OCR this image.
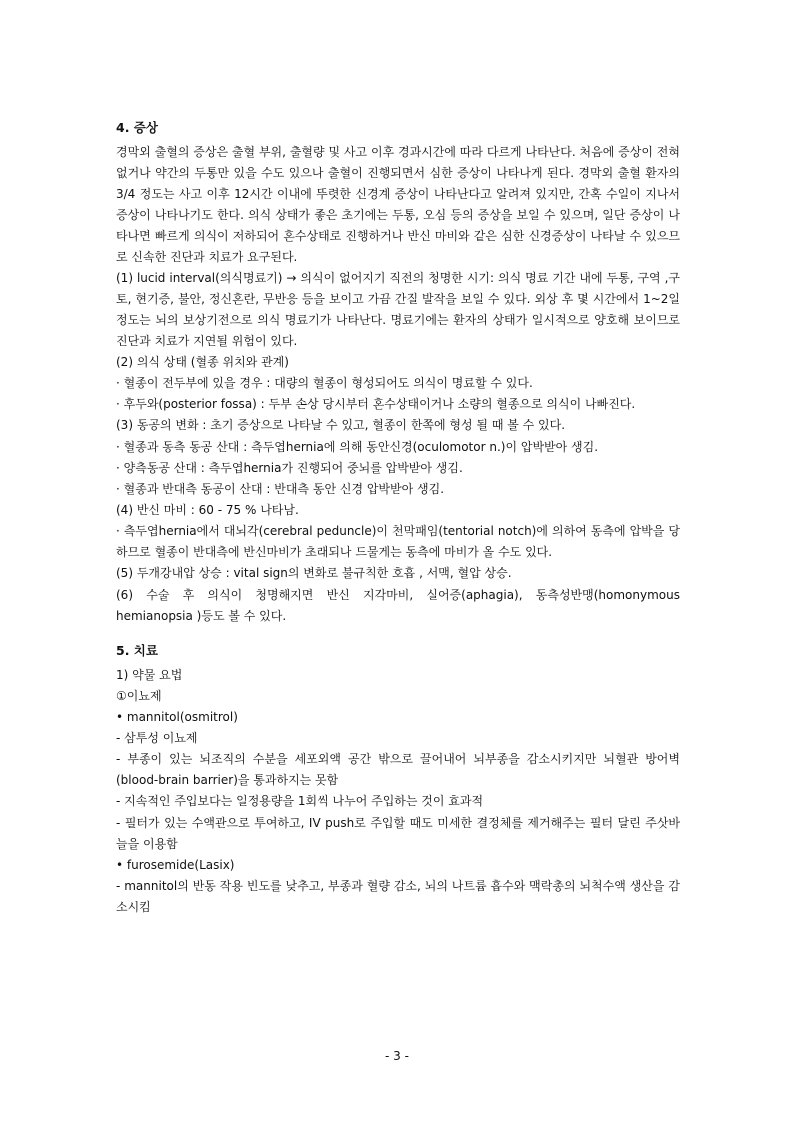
4. 증상

경막외 출혈의 증상은 출혈 부위, 출혈량 및 사고 이후 경과시간에 따라 다르게 나타난다. 처음에 증상이 전혀 없거나 약간의 두통만 있을 수도 있으나 출혈이 진행되면서 심한 증상이 나타나게 된다. 경막외 출혈 환자의 3/4 정도는 사고 이후 12시간 이내에 뚜렷한 신경계 증상이 나타난다고 알려져 있지만, 간혹 수일이 지나서 증상이 나타나기도 한다. 의식 상태가 좋은 초기에는 두통, 오심 등의 증상을 보일 수 있으며, 일단 증상이 나타나면 빠르게 의식이 저하되어 혼수상태로 진행하거나 반신 마비와 같은 심한 신경증상이 나타날 수 있으므로 신속한 진단과 치료가 요구된다.

(1) lucid interval(의식명료기) → 의식이 없어지기 직전의 청명한 시기: 의식 명료 기간 내에 두통, 구역 ,구토, 현기증, 불안, 정신혼란, 무반응 등을 보이고 가끔 간질 발작을 보일 수 있다. 외상 후 몇 시간에서 1~2일 정도는 뇌의 보상기전으로 의식 명료기가 나타난다. 명료기에는 환자의 상태가 일시적으로 양호해 보이므로 진단과 치료가 지연될 위험이 있다.

(2) 의식 상태 (혈종 위치와 관계)

· 혈종이 전두부에 있을 경우 : 대량의 혈종이 형성되어도 의식이 명료할 수 있다.

· 후두와(posterior fossa) : 두부 손상 당시부터 혼수상태이거나 소량의 혈종으로 의식이 나빠진다.

(3) 동공의 변화 : 초기 증상으로 나타날 수 있고, 혈종이 한쪽에 형성 될 때 볼 수 있다.

· 혈종과 동측 동공 산대 : 측두엽hernia에 의해 동안신경(oculomotor n.)이 압박받아 생김.

· 양측동공 산대 : 측두엽hernia가 진행되어 중뇌를 압박받아 생김.

· 혈종과 반대측 동공이 산대 : 반대측 동안 신경 압박받아 생김.

(4) 반신 마비 : 60 - 75 % 나타남.

· 측두엽hernia에서 대뇌각(cerebral peduncle)이 천막패임(tentorial notch)에 의하여 동측에 압박을 당하므로 혈종이 반대측에 반신마비가 초래되나 드물게는 동측에 마비가 올 수도 있다.

(5) 두개강내압 상승 : vital sign의 변화로 불규칙한 호흡 , 서맥, 혈압 상승.

(6) 수술 후 의식이 청명해지면 반신 지각마비, 실어증(aphagia), 동측성반맹(homonymous hemianopsia )등도 볼 수 있다.

5. 치료

1) 약물 요법

①이뇨제

• mannitol(osmitrol)

- 삼투성 이뇨제

- 부종이 있는 뇌조직의 수분을 세포외액 공간 밖으로 끌어내어 뇌부종을 감소시키지만 뇌혈관 방어벽(blood-brain barrier)을 통과하지는 못함

- 지속적인 주입보다는 일정용량을 1회씩 나누어 주입하는 것이 효과적

- 필터가 있는 수액관으로 투여하고, IV push로 주입할 때도 미세한 결정체를 제거해주는 필터 달린 주삿바늘을 이용함

• furosemide(Lasix)

- mannitol의 반동 작용 빈도를 낮추고, 부종과 혈량 감소, 뇌의 나트륨 흡수와 맥락총의 뇌척수액 생산을 감소시킴

- 3 -
